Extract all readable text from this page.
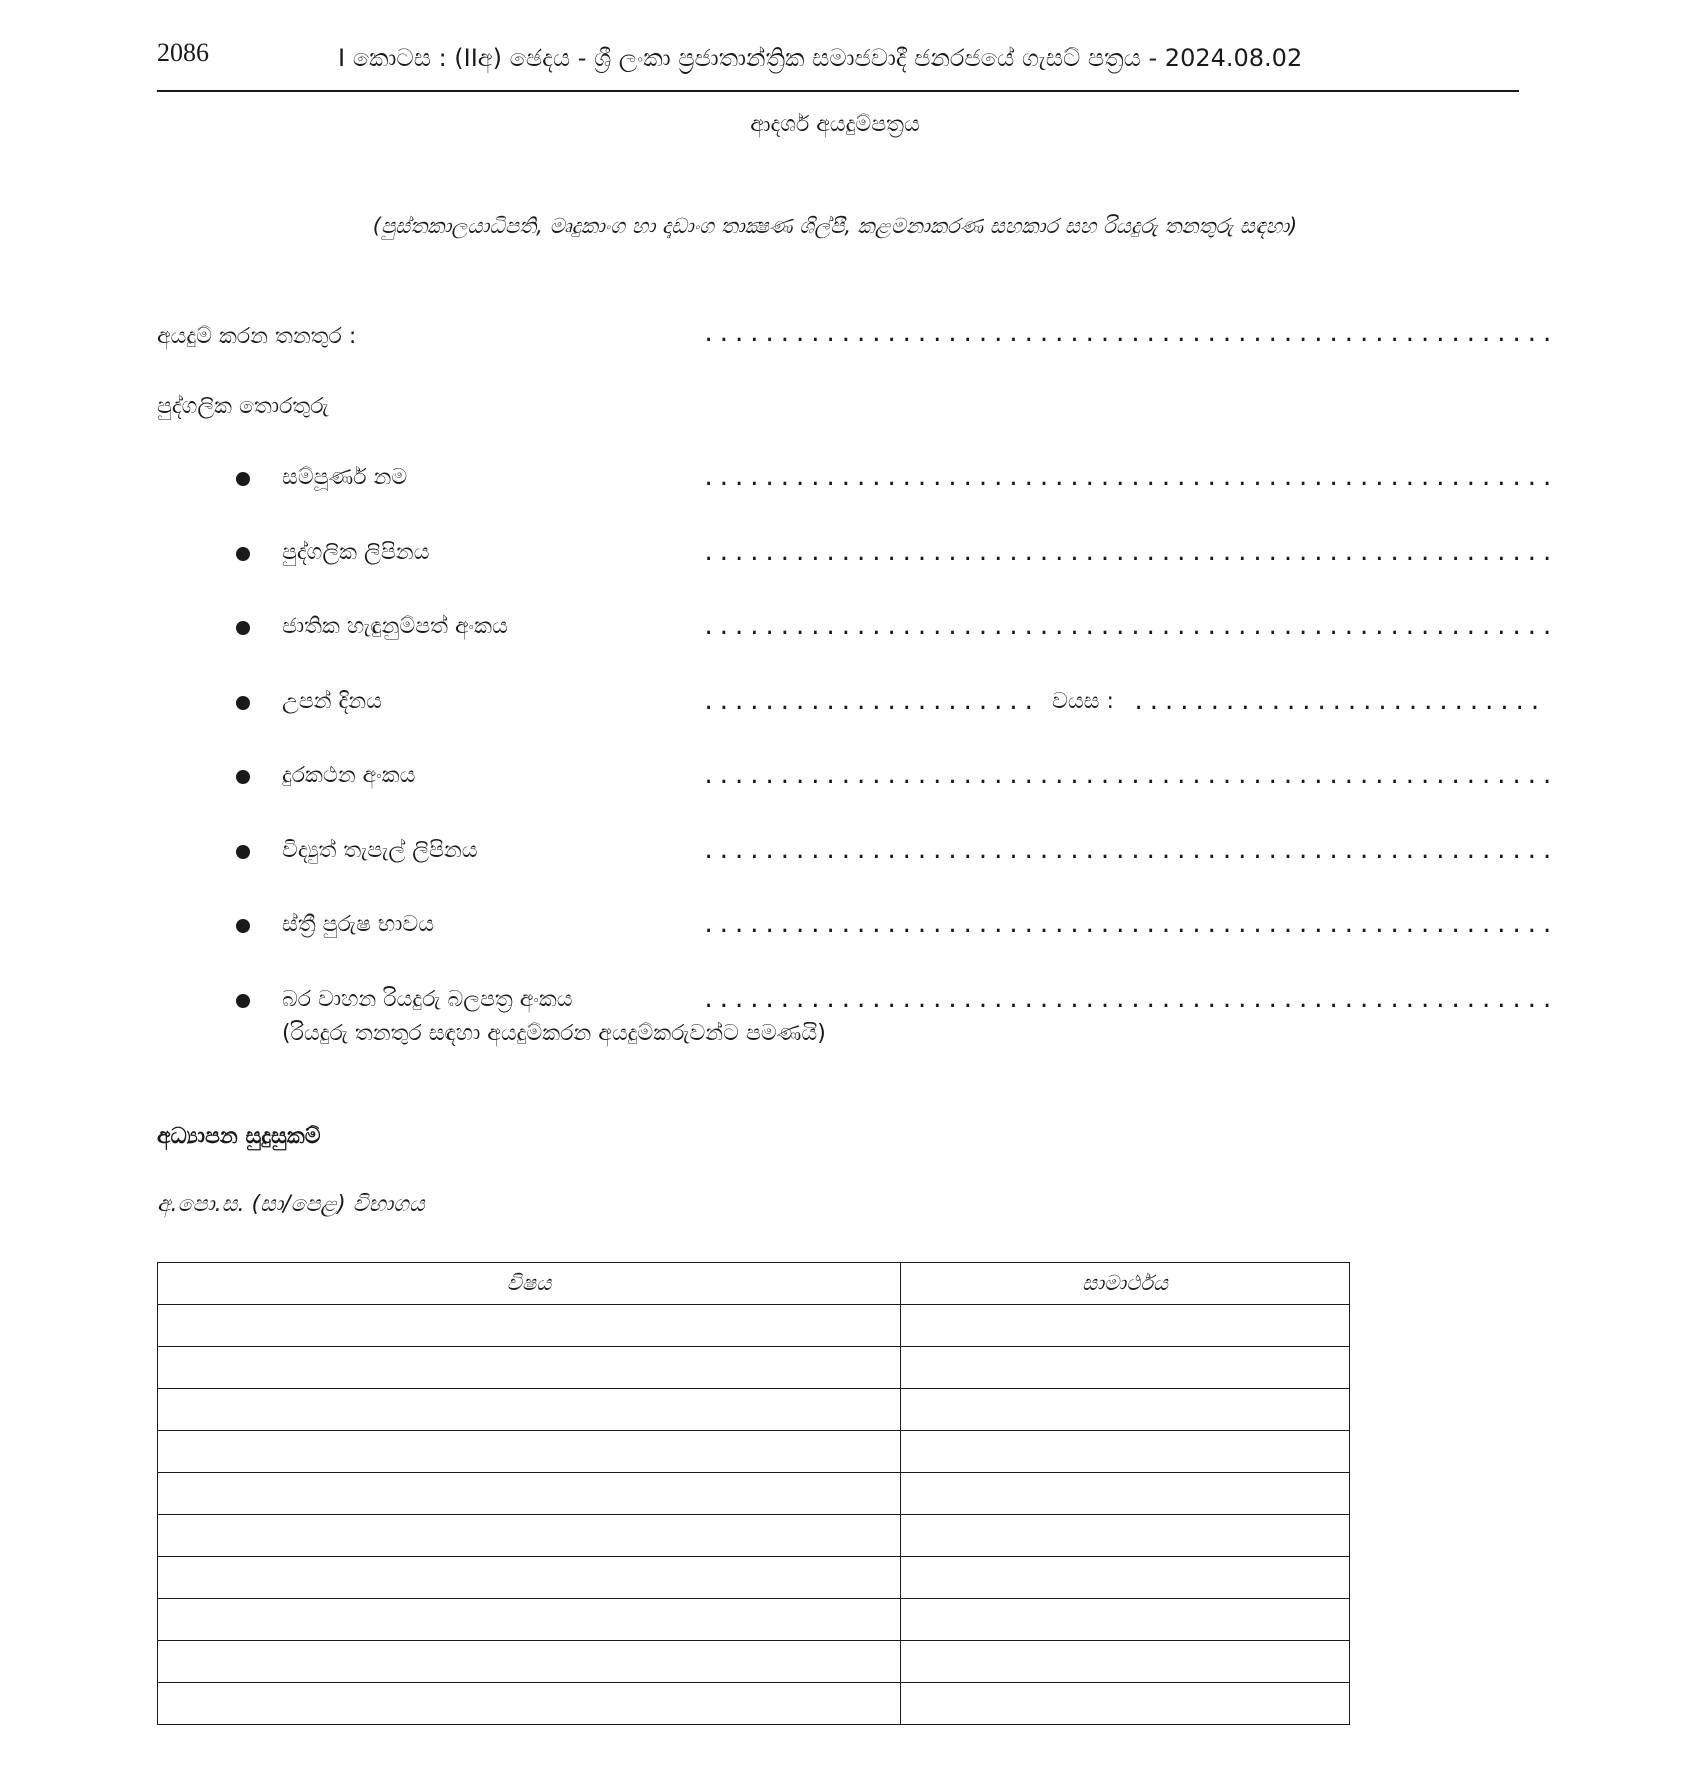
2086	I කොටස : (IIඅ) ඡෙදය - ශ්‍රී ලංකා ප්‍රජාතාන්ත්‍රික සමාජවාදී ජනරජයේ ගැසට් පත්‍රය - 2024.08.02
ආදර්ශ අයදුම්පත්‍රය
(පුස්තකාලයාධිපති, මෘදුකාංග හා දෘඩාංග තාක්‍ෂණ ශිල්පී, කළමනාකරණ සහකාර සහ රියදුරු තනතුරු සඳහා)
අයදුම් කරන තනතුර :	........................................................
පුද්ගලික තොරතුරු
සම්පූර්ණ නම	........................................................
පුද්ගලික ලිපිනය	........................................................
ජාතික හැඳුනුම්පත් අංකය	........................................................
උපන් දිනය	...................... වයස : ...........................
දුරකථන අංකය	........................................................
විද්‍යුත් තැපැල් ලිපිනය	........................................................
ස්ත්‍රී පුරුෂ භාවය	........................................................
බර වාහන රියදුරු බලපත්‍ර අංකය	........................................................
(රියදුරු තනතුර සඳහා අයදුම්කරන අයදුම්කරුවන්ට පමණයි)
අධ්‍යාපන සුදුසුකම්
අ.පො.ස. (සා/පෙළ) විභාගය
විෂය	සාමාර්ථය
